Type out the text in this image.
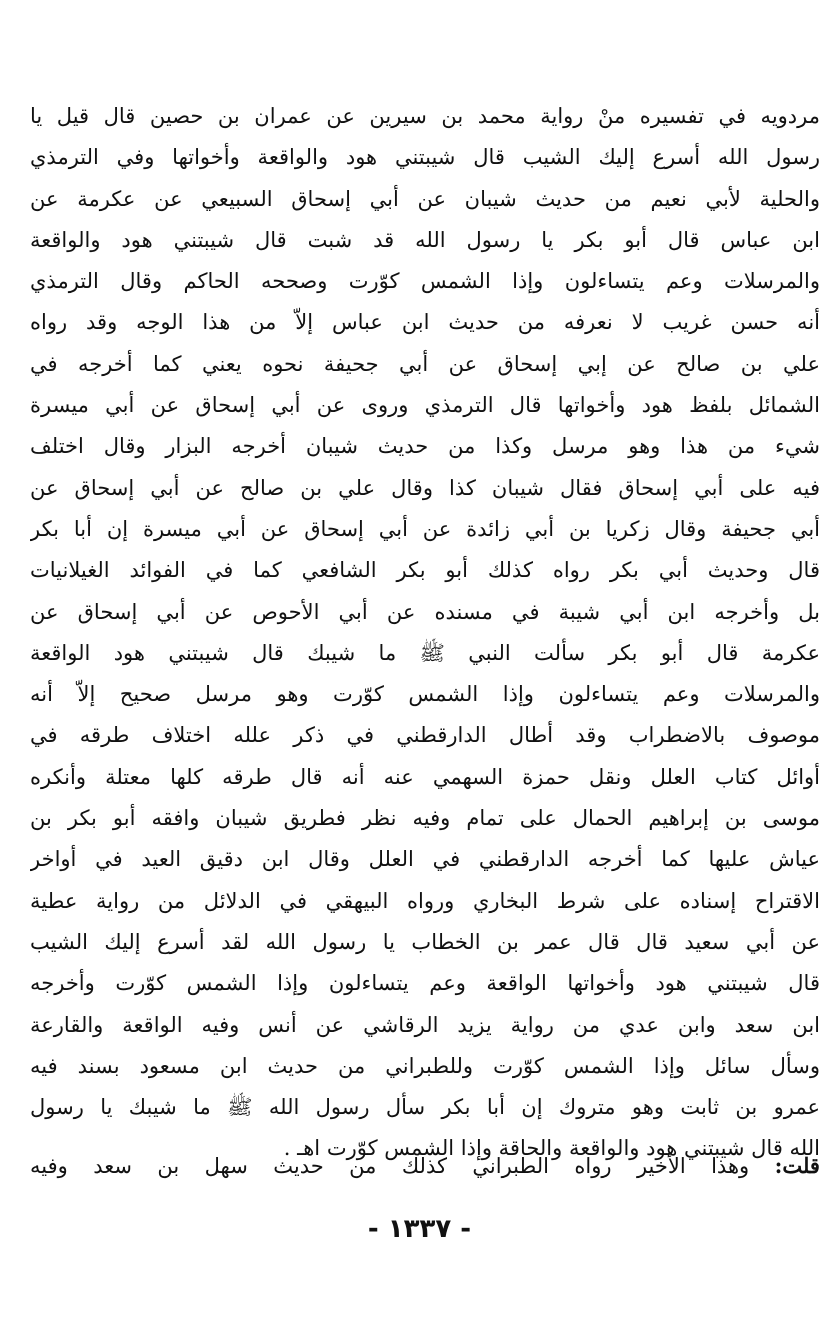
مردويه في تفسيره منْ رواية محمد بن سيرين عن عمران بن حصين قال قيل يا
رسول الله أسرع إليك الشيب قال شيبتني هود والواقعة وأخواتها وفي الترمذي
والحلية لأبي نعيم من حديث شيبان عن أبي إسحاق السبيعي عن عكرمة عن
ابن عباس قال أبو بكر يا رسول الله قد شبت قال شيبتني هود والواقعة
والمرسلات وعم يتساءلون وإذا الشمس كوّرت وصححه الحاكم وقال الترمذي
أنه حسن غريب لا نعرفه من حديث ابن عباس إلاّ من هذا الوجه وقد رواه
علي بن صالح عن إبي إسحاق عن أبي جحيفة نحوه يعني كما أخرجه في
الشمائل بلفظ هود وأخواتها قال الترمذي وروى عن أبي إسحاق عن أبي ميسرة
شيء من هذا وهو مرسل وكذا من حديث شيبان أخرجه البزار وقال اختلف
فيه على أبي إسحاق فقال شيبان كذا وقال علي بن صالح عن أبي إسحاق عن
أبي جحيفة وقال زكريا بن أبي زائدة عن أبي إسحاق عن أبي ميسرة إن أبا بكر
قال وحديث أبي بكر رواه كذلك أبو بكر الشافعي كما في الفوائد الغيلانيات
بل وأخرجه ابن أبي شيبة في مسنده عن أبي الأحوص عن أبي إسحاق عن
عكرمة قال أبو بكر سألت النبي ﷺ ما شيبك قال شيبتني هود الواقعة
والمرسلات وعم يتساءلون وإذا الشمس كوّرت وهو مرسل صحيح إلاّ أنه
موصوف بالاضطراب وقد أطال الدارقطني في ذكر علله اختلاف طرقه في
أوائل كتاب العلل ونقل حمزة السهمي عنه أنه قال طرقه كلها معتلة وأنكره
موسى بن إبراهيم الحمال على تمام وفيه نظر فطريق شيبان وافقه أبو بكر بن
عياش عليها كما أخرجه الدارقطني في العلل وقال ابن دقيق العيد في أواخر
الاقتراح إسناده على شرط البخاري ورواه البيهقي في الدلائل من رواية عطية
عن أبي سعيد قال قال عمر بن الخطاب يا رسول الله لقد أسرع إليك الشيب
قال شيبتني هود وأخواتها الواقعة وعم يتساءلون وإذا الشمس كوّرت وأخرجه
ابن سعد وابن عدي من رواية يزيد الرقاشي عن أنس وفيه الواقعة والقارعة
وسأل سائل وإذا الشمس كوّرت وللطبراني من حديث ابن مسعود بسند فيه
عمرو بن ثابت وهو متروك إن أبا بكر سأل رسول الله ﷺ ما شيبك يا رسول
الله قال شيبتني هود والواقعة والحاقة وإذا الشمس كوّرت اهـ .
قلت: وهذا الأخير رواه الطبراني كذلك من حديث سهل بن سعد وفيه
- ١٣٣٧ -
